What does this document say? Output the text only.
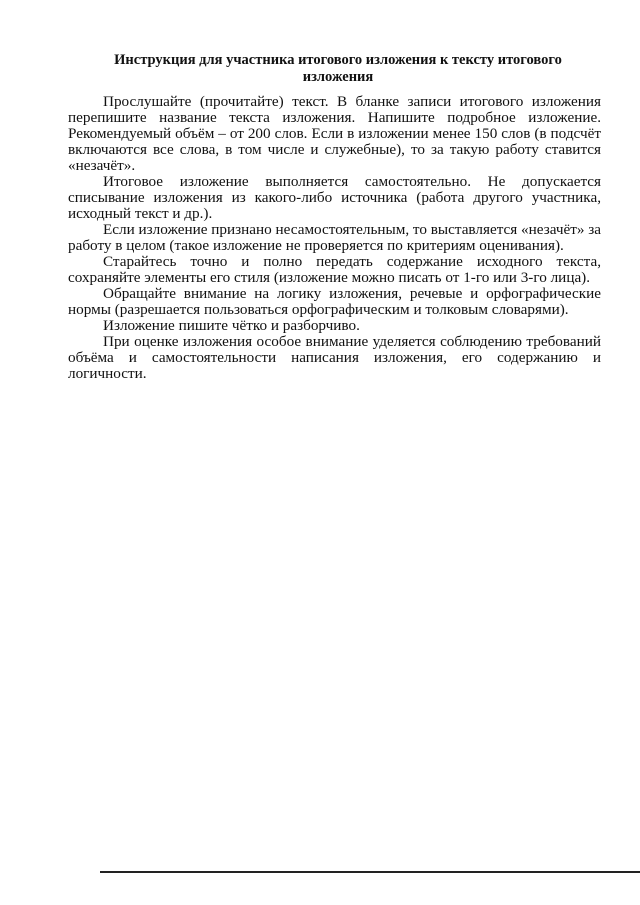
Инструкция для участника итогового изложения к тексту итогового изложения

Прослушайте (прочитайте) текст. В бланке записи итогового изложения перепишите название текста изложения. Напишите подробное изложение. Рекомендуемый объём – от 200 слов. Если в изложении менее 150 слов (в подсчёт включаются все слова, в том числе и служебные), то за такую работу ставится «незачёт».

Итоговое изложение выполняется самостоятельно. Не допускается списывание изложения из какого-либо источника (работа другого участника, исходный текст и др.).

Если изложение признано несамостоятельным, то выставляется «незачёт» за работу в целом (такое изложение не проверяется по критериям оценивания).

Старайтесь точно и полно передать содержание исходного текста, сохраняйте элементы его стиля (изложение можно писать от 1-го или 3-го лица).

Обращайте внимание на логику изложения, речевые и орфографические нормы (разрешается пользоваться орфографическим и толковым словарями).

Изложение пишите чётко и разборчиво.

При оценке изложения особое внимание уделяется соблюдению требований объёма и самостоятельности написания изложения, его содержанию и логичности.
